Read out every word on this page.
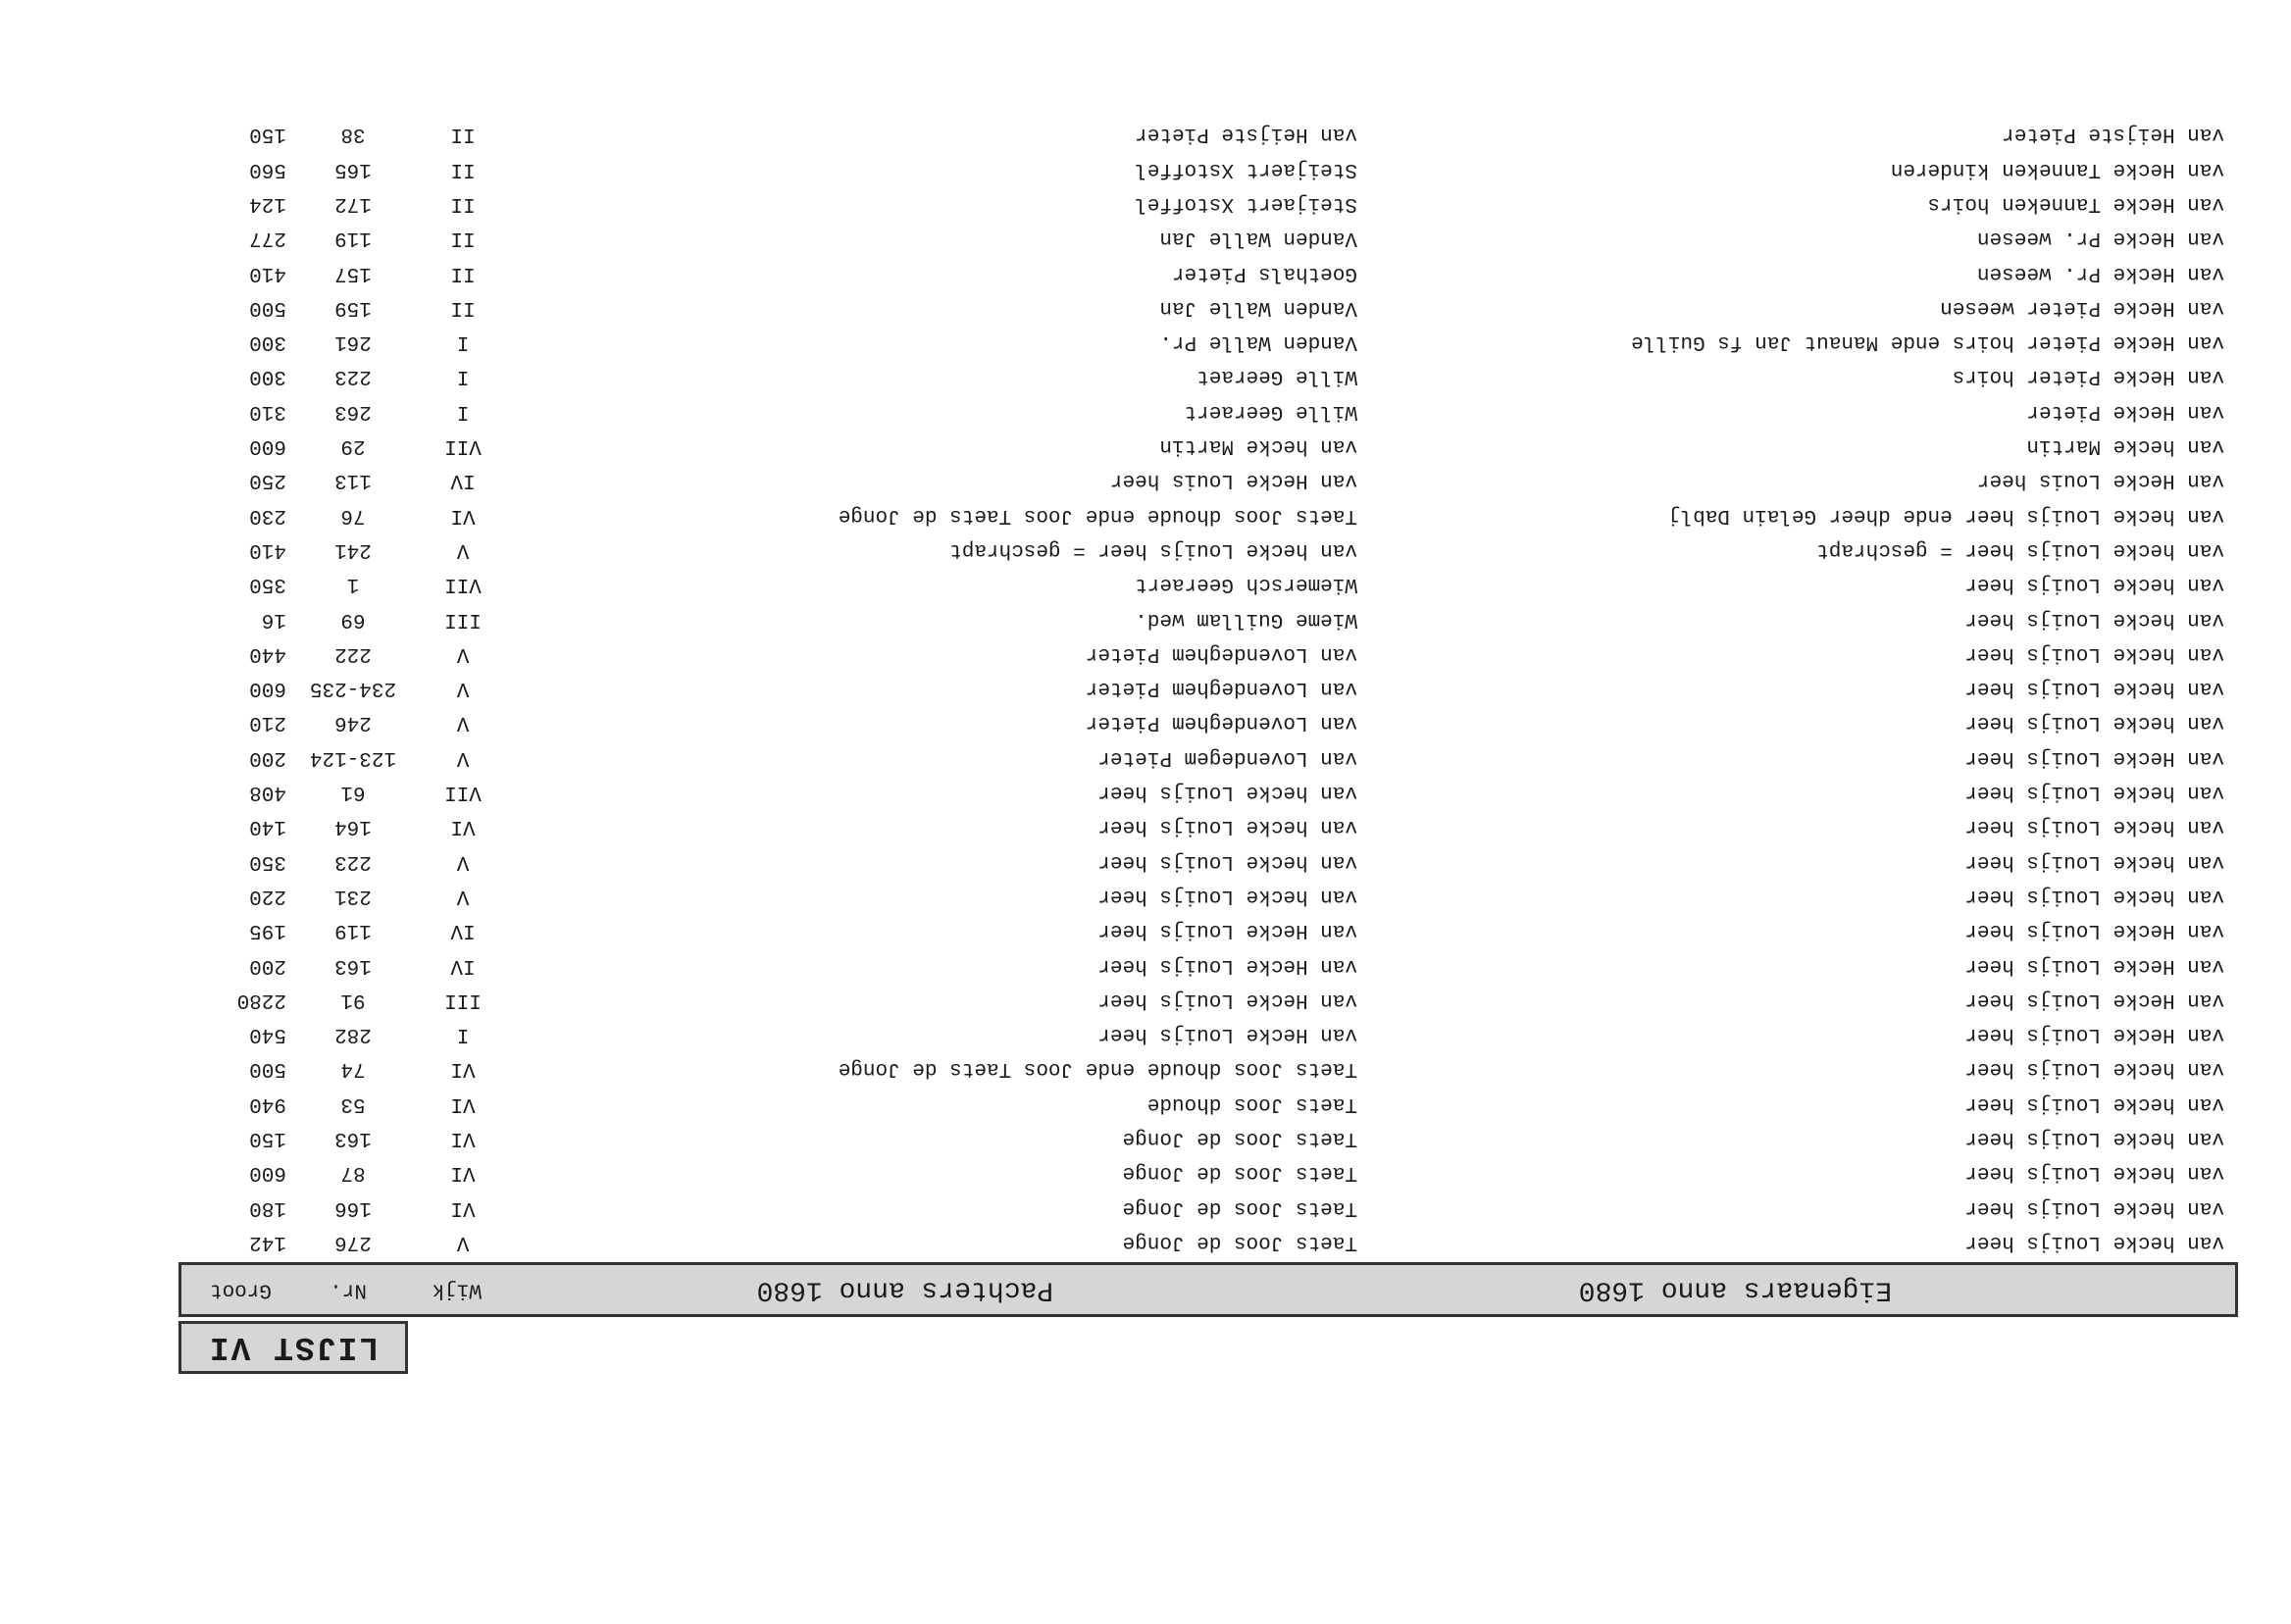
LIJST VI
Eigenaars anno 1680
Pachters anno 1680
Wijk
Nr.
Groot
van hecke Louijs heer
Taets Joos de Jonge
V
276
142
van hecke Louijs heer
Taets Joos de Jonge
VI
166
180
van hecke Louijs heer
Taets Joos de Jonge
VI
87
600
van hecke Louijs heer
Taets Joos de Jonge
VI
163
150
van hecke Louijs heer
Taets Joos dhoude
VI
53
940
van hecke Louijs heer
Taets Joos dhoude ende Joos Taets de Jonge
VI
74
500
van Hecke Louijs heer
van Hecke Louijs heer
I
282
540
van Hecke Louijs heer
van Hecke Louijs heer
III
91
2280
van Hecke Louijs heer
van Hecke Louijs heer
IV
163
200
van Hecke Louijs heer
van Hecke Louijs heer
IV
119
195
van hecke Louijs heer
van hecke Louijs heer
V
231
220
van hecke Louijs heer
van hecke Louijs heer
V
223
350
van hecke Louijs heer
van hecke Louijs heer
VI
164
140
van hecke Louijs heer
van hecke Louijs heer
VII
61
408
van Hecke Louijs heer
van Lovendegem Pieter
V
123-124
200
van hecke Louijs heer
van Lovendeghem Pieter
V
246
210
van hecke Louijs heer
van Lovendeghem Pieter
V
234-235
600
van hecke Louijs heer
van Lovendeghem Pieter
V
222
440
van hecke Louijs heer
Wieme Guillam wed.
III
69
16
van hecke Louijs heer
Wiemersch Geeraert
VII
1
350
van hecke Louijs heer = geschrapt
van hecke Louijs heer = geschrapt
V
241
410
van hecke Louijs heer ende dheer Gelain Dablj
Taets Joos dhoude ende Joos Taets de Jonge
VI
76
230
van Hecke Louis heer
van Hecke Louis heer
IV
113
250
van hecke Martin
van hecke Martin
VII
29
600
van Hecke Pieter
Wille Geeraert
I
263
310
van Hecke Pieter hoirs
Wille Geeraet
I
223
300
van Hecke Pieter hoirs ende Manaut Jan fs Guille
Vanden Walle Pr.
I
261
300
van Hecke Pieter weesen
Vanden Walle Jan
II
159
500
van Hecke Pr. weesen
Goethals Pieter
II
157
410
van Hecke Pr. weesen
Vanden Walle Jan
II
119
277
van Hecke Tanneken hoirs
Steijaert Xstoffel
II
172
124
van Hecke Tanneken kinderen
Steijaert Xstoffel
II
165
560
van Heijste Pieter
van Heijste Pieter
II
38
150
